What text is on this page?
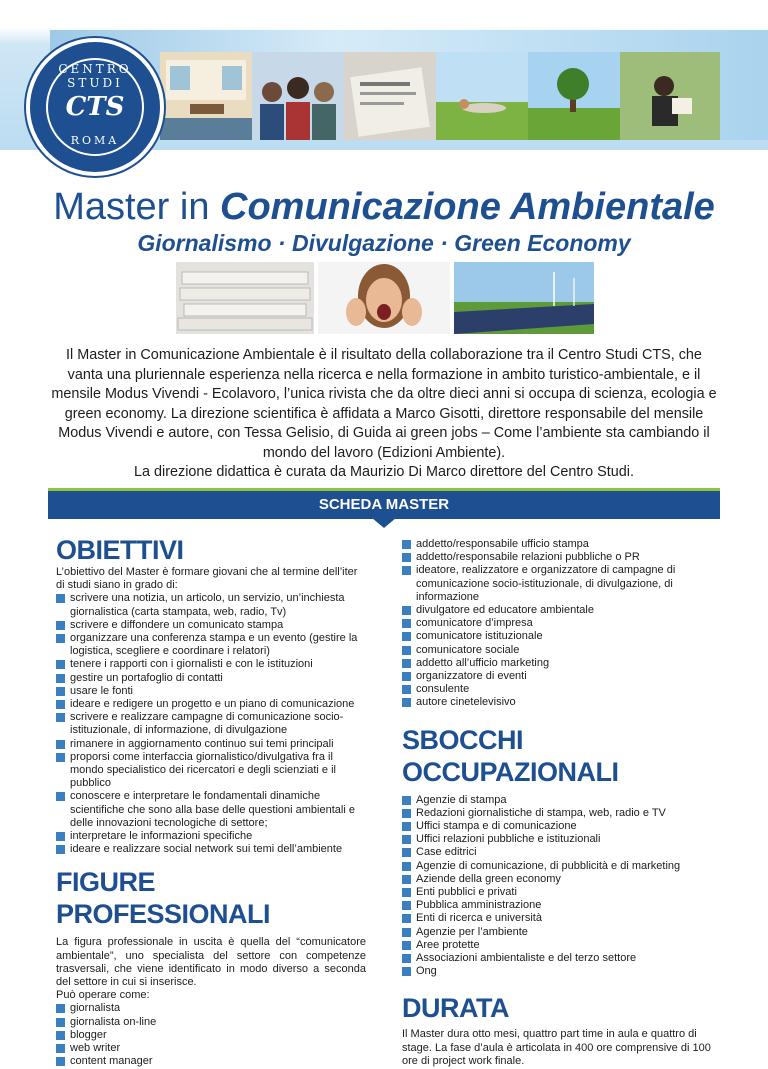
CENTRO STUDI
CTS
ROMA
Master in Comunicazione Ambientale
Giornalismo · Divulgazione · Green Economy

Il Master in Comunicazione Ambientale è il risultato della collaborazione tra il Centro Studi CTS, che vanta una pluriennale esperienza nella ricerca e nella formazione in ambito turistico-ambientale, e il mensile Modus Vivendi - Ecolavoro, l’unica rivista che da oltre dieci anni si occupa di scienza, ecologia e green economy. La direzione scientifica è affidata a Marco Gisotti, direttore responsabile del mensile Modus Vivendi e autore, con Tessa Gelisio, di Guida ai green jobs – Come l’ambiente sta cambiando il mondo del lavoro (Edizioni Ambiente).

La direzione didattica è curata da Maurizio Di Marco direttore del Centro Studi.

SCHEDA MASTER
OBIETTIVI

L’obiettivo del Master è formare giovani che al termine dell’iter di studi siano in grado di:

scrivere una notizia, un articolo, un servizio, un’inchiesta giornalistica (carta stampata, web, radio, Tv)
scrivere e diffondere un comunicato stampa
organizzare una conferenza stampa e un evento (gestire la logistica, scegliere e coordinare i relatori)
tenere i rapporti con i giornalisti e con le istituzioni
gestire un portafoglio di contatti
usare le fonti
ideare e redigere un progetto e un piano di comunicazione
scrivere e realizzare campagne di comunicazione socio-istituzionale, di informazione, di divulgazione
rimanere in aggiornamento continuo sui temi principali
proporsi come interfaccia giornalistico/divulgativa fra il mondo specialistico dei ricercatori e degli scienziati e il pubblico
conoscere e interpretare le fondamentali dinamiche scientifiche che sono alla base delle questioni ambientali e delle innovazioni tecnologiche di settore;
interpretare le informazioni specifiche
ideare e realizzare social network sui temi dell’ambiente
FIGURE PROFESSIONALI

La figura professionale in uscita è quella del “comunicatore ambientale”, uno specialista del settore con competenze trasversali, che viene identificato in modo diverso a seconda del settore in cui si inserisce.

Può operare come:

giornalista
giornalista on-line
blogger
web writer
content manager
addetto/responsabile ufficio stampa
addetto/responsabile relazioni pubbliche o PR
ideatore, realizzatore e organizzatore di campagne di comunicazione socio-istituzionale, di divulgazione, di informazione
divulgatore ed educatore ambientale
comunicatore d’impresa
comunicatore istituzionale
comunicatore sociale
addetto all’ufficio marketing
organizzatore di eventi
consulente
autore cinetelevisivo
SBOCCHI OCCUPAZIONALI
Agenzie di stampa
Redazioni giornalistiche di stampa, web, radio e TV
Uffici stampa e di comunicazione
Uffici relazioni pubbliche e istituzionali
Case editrici
Agenzie di comunicazione, di pubblicità e di marketing
Aziende della green economy
Enti pubblici e privati
Pubblica amministrazione
Enti di ricerca e università
Agenzie per l’ambiente
Aree protette
Associazioni ambientaliste e del terzo settore
Ong
DURATA

Il Master dura otto mesi, quattro part time in aula e quattro di stage. La fase d’aula è articolata in 400 ore comprensive di 100 ore di project work finale.
